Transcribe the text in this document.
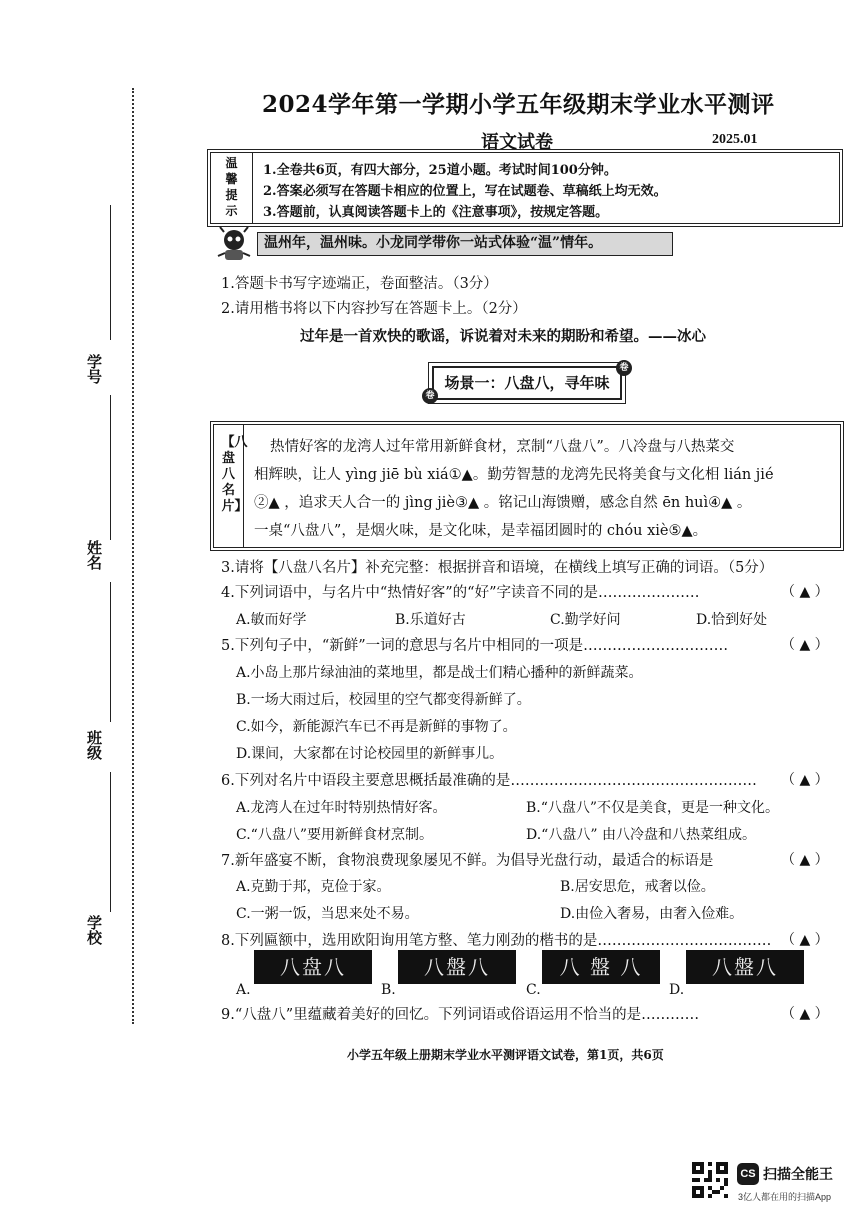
学号
姓名
班级
学校
2024学年第一学期小学五年级期末学业水平测评
语文试卷	2025.01
温馨提示
1.全卷共6页，有四大部分，25道小题。考试时间100分钟。
2.答案必须写在答题卡相应的位置上，写在试题卷、草稿纸上均无效。
3.答题前，认真阅读答题卡上的《注意事项》，按规定答题。
温州年，温州味。小龙同学带你一站式体验“温”情年。
1.答题卡书写字迹端正，卷面整洁。（3分）
2.请用楷书将以下内容抄写在答题卡上。（2分）
过年是一首欢快的歌谣，诉说着对未来的期盼和希望。——冰心
场景一：八盘八，寻年味
卷
卷
【八盘八名片】
热情好客的龙湾人过年常用新鲜食材，烹制“八盘八”。八冷盘与八热菜交
相辉映，让人 yìng jiē bù xiá①▲。勤劳智慧的龙湾先民将美食与文化相 lián jié
②▲ ，追求天人合一的 jìng jiè③▲ 。铭记山海馈赠，感念自然 ēn huì④▲ 。
一桌“八盘八”，是烟火味，是文化味，是幸福团圆时的 chóu xiè⑤▲。
3.请将【八盘八名片】补充完整：根据拼音和语境，在横线上填写正确的词语。（5分）
4.下列词语中，与名片中“热情好客”的“好”字读音不同的是…………………	（ ▲ ）
A.敏而好学	B.乐道好古	C.勤学好问	D.恰到好处
5.下列句子中，“新鲜”一词的意思与名片中相同的一项是…………………………	（ ▲ ）
A.小岛上那片绿油油的菜地里，都是战士们精心播种的新鲜蔬菜。
B.一场大雨过后，校园里的空气都变得新鲜了。
C.如今，新能源汽车已不再是新鲜的事物了。
D.课间，大家都在讨论校园里的新鲜事儿。
6.下列对名片中语段主要意思概括最准确的是…………………………………………… （ ▲ ）
A.龙湾人在过年时特别热情好客。	B.“八盘八”不仅是美食，更是一种文化。
C.“八盘八”要用新鲜食材烹制。	D.“八盘八” 由八冷盘和八热菜组成。
7.新年盛宴不断，食物浪费现象屡见不鲜。为倡导光盘行动，最适合的标语是	（ ▲ ）
A.克勤于邦，克俭于家。	B.居安思危，戒奢以俭。
C.一粥一饭，当思来处不易。	D.由俭入奢易，由奢入俭难。
8.下列匾额中，选用欧阳询用笔方整、笔力刚劲的楷书的是……………………………… （ ▲ ）
A.
八盘八
B.
八盤八
C.
八 盤 八
D.
八盤八
9.“八盘八”里蕴藏着美好的回忆。下列词语或俗语运用不恰当的是…………	（ ▲ ）
小学五年级上册期末学业水平测评语文试卷，第1页，共6页
CS 扫描全能王
3亿人都在用的扫描App
